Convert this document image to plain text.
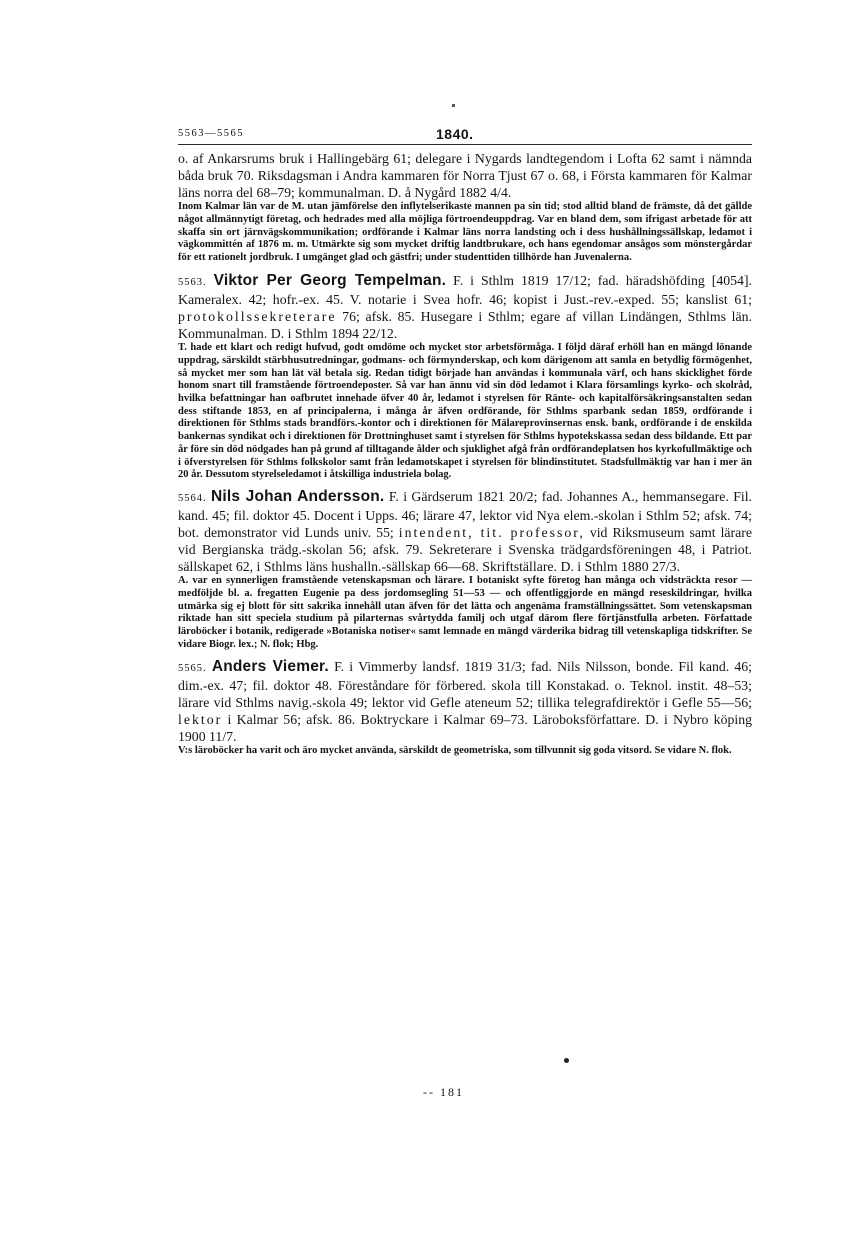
5563—5565	1840.

o. af Ankarsrums bruk i Hallingebärg 61; delegare i Nygards landtegendom i Lofta 62 samt i nämnda båda bruk 70. Riksdagsman i Andra kammaren för Norra Tjust 67 o. 68, i Första kammaren för Kalmar läns norra del 68–79; kommunalman. D. å Nygård 1882 4/4.

Inom Kalmar län var de M. utan jämförelse den inflytelserikaste mannen pa sin tid; stod alltid bland de främste, då det gällde något allmännytigt företag, och hedrades med alla möjliga förtroendeuppdrag. Var en bland dem, som ifrigast arbetade för att skaffa sin ort järnvägskommunikation; ordförande i Kalmar läns norra landsting och i dess hushållningssällskap, ledamot i vägkommittén af 1876 m. m. Utmärkte sig som mycket driftig landtbrukare, och hans egendomar ansågos som mönstergårdar för ett rationelt jordbruk. I umgänget glad och gästfri; under studenttiden tillhörde han Juvenalerna.

5563. Viktor Per Georg Tempelman. F. i Sthlm 1819 17/12; fad. häradshöfding [4054]. Kameralex. 42; hofr.-ex. 45. V. notarie i Svea hofr. 46; kopist i Just.-rev.-exped. 55; kanslist 61; protokollssekreterare 76; afsk. 85. Husegare i Sthlm; egare af villan Lindängen, Sthlms län. Kommunalman. D. i Sthlm 1894 22/12.

T. hade ett klart och redigt hufvud, godt omdöme och mycket stor arbetsförmåga. I följd däraf erhöll han en mängd lönande uppdrag, särskildt stärbhusutredningar, godmans- och förmynderskap, och kom därigenom att samla en betydlig förmögenhet, så mycket mer som han lät väl betala sig. Redan tidigt började han användas i kommunala värf, och hans skicklighet förde honom snart till framstående förtroendeposter. Så var han ännu vid sin död ledamot i Klara församlings kyrko- och skolråd, hvilka befattningar han oafbrutet innehade öfver 40 år, ledamot i styrelsen för Ränte- och kapitalförsäkringsanstalten sedan dess stiftande 1853, en af principalerna, i många år äfven ordförande, för Sthlms sparbank sedan 1859, ordförande i direktionen för Sthlms stads brandförs.-kontor och i direktionen för Mälareprovinsernas ensk. bank, ordförande i de enskilda bankernas syndikat och i direktionen för Drottninghuset samt i styrelsen för Sthlms hypotekskassa sedan dess bildande. Ett par år före sin död nödgades han på grund af tilltagande ålder och sjuklighet afgå från ordförandeplatsen hos kyrkofullmäktige och i öfverstyrelsen för Sthlms folkskolor samt från ledamotskapet i styrelsen för blindinstitutet. Stadsfullmäktig var han i mer än 20 år. Dessutom styrelseledamot i åtskilliga industriela bolag.

5564. Nils Johan Andersson. F. i Gärdserum 1821 20/2; fad. Johannes A., hemmansegare. Fil. kand. 45; fil. doktor 45. Docent i Upps. 46; lärare 47, lektor vid Nya elem.-skolan i Sthlm 52; afsk. 74; bot. demonstrator vid Lunds univ. 55; intendent, tit. professor, vid Riksmuseum samt lärare vid Bergianska trädg.-skolan 56; afsk. 79. Sekreterare i Svenska trädgardsföreningen 48, i Patriot. sällskapet 62, i Sthlms läns hushalln.-sällskap 66—68. Skriftställare. D. i Sthlm 1880 27/3.

A. var en synnerligen framstående vetenskapsman och lärare. I botaniskt syfte företog han många och vidsträckta resor — medföljde bl. a. fregatten Eugenie pa dess jordomsegling 51—53 — och offentliggjorde en mängd reseskildringar, hvilka utmärka sig ej blott för sitt sakrika innehåll utan äfven för det lätta och angenäma framställningssättet. Som vetenskapsman riktade han sitt speciela studium på pilarternas svårtydda familj och utgaf därom flere förtjänstfulla arbeten. Författade läroböcker i botanik, redigerade »Botaniska notiser« samt lemnade en mängd värderika bidrag till vetenskapliga tidskrifter. Se vidare Biogr. lex.; N. flok; Hbg.

5565. Anders Viemer. F. i Vimmerby landsf. 1819 31/3; fad. Nils Nilsson, bonde. Fil kand. 46; dim.-ex. 47; fil. doktor 48. Föreståndare för förbered. skola till Konstakad. o. Teknol. instit. 48–53; lärare vid Sthlms navig.-skola 49; lektor vid Gefle ateneum 52; tillika telegrafdirektör i Gefle 55—56; lektor i Kalmar 56; afsk. 86. Boktryckare i Kalmar 69–73. Läroboksförfattare. D. i Nybro köping 1900 11/7.

V:s läroböcker ha varit och äro mycket använda, särskildt de geometriska, som tillvunnit sig goda vitsord. Se vidare N. flok.

-- 181
